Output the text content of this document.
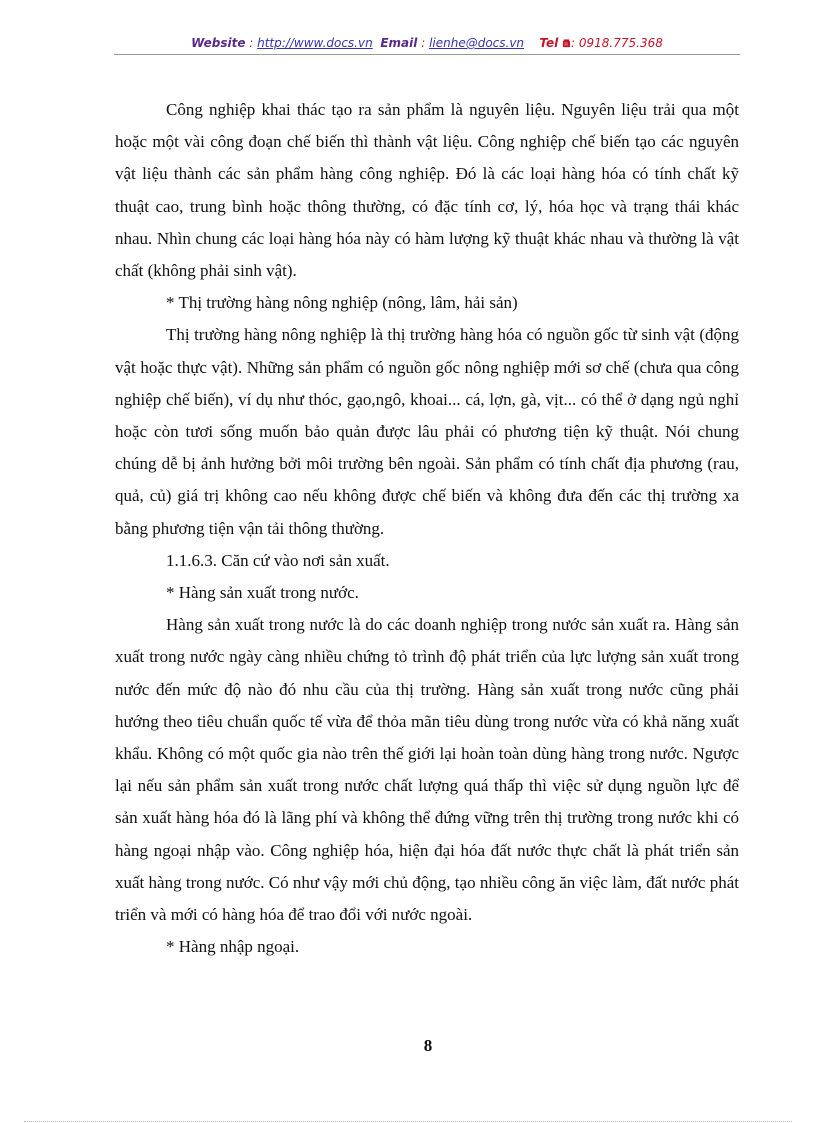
Website : http://www.docs.vn Email : lienhe@docs.vn Tel : 0918.775.368

Công nghiệp khai thác tạo ra sản phẩm là nguyên liệu. Nguyên liệu trải qua một hoặc một vài công đoạn chế biến thì thành vật liệu. Công nghiệp chế biến tạo các nguyên vật liệu thành các sản phẩm hàng công nghiệp. Đó là các loại hàng hóa có tính chất kỹ thuật cao, trung bình hoặc thông thường, có đặc tính cơ, lý, hóa học và trạng thái khác nhau. Nhìn chung các loại hàng hóa này có hàm lượng kỹ thuật khác nhau và thường là vật chất (không phải sinh vật).

* Thị trường hàng nông nghiệp (nông, lâm, hải sản)

Thị trường hàng nông nghiệp là thị trường hàng hóa có nguồn gốc từ sinh vật (động vật hoặc thực vật). Những sản phẩm có nguồn gốc nông nghiệp mới sơ chế (chưa qua công nghiệp chế biến), ví dụ như thóc, gạo,ngô, khoai... cá, lợn, gà, vịt... có thể ở dạng ngủ nghỉ hoặc còn tươi sống muốn bảo quản được lâu phải có phương tiện kỹ thuật. Nói chung chúng dễ bị ảnh hưởng bởi môi trường bên ngoài. Sản phẩm có tính chất địa phương (rau, quả, củ) giá trị không cao nếu không được chế biến và không đưa đến các thị trường xa bằng phương tiện vận tải thông thường.

1.1.6.3. Căn cứ vào nơi sản xuất.

* Hàng sản xuất trong nước.

Hàng sản xuất trong nước là do các doanh nghiệp trong nước sản xuất ra. Hàng sản xuất trong nước ngày càng nhiều chứng tỏ trình độ phát triển của lực lượng sản xuất trong nước đến mức độ nào đó nhu cầu của thị trường. Hàng sản xuất trong nước cũng phải hướng theo tiêu chuẩn quốc tế vừa để thỏa mãn tiêu dùng trong nước vừa có khả năng xuất khẩu. Không có một quốc gia nào trên thế giới lại hoàn toàn dùng hàng trong nước. Ngược lại nếu sản phẩm sản xuất trong nước chất lượng quá thấp thì việc sử dụng nguồn lực để sản xuất hàng hóa đó là lãng phí và không thể đứng vững trên thị trường trong nước khi có hàng ngoại nhập vào. Công nghiệp hóa, hiện đại hóa đất nước thực chất là phát triển sản xuất hàng trong nước. Có như vậy mới chủ động, tạo nhiều công ăn việc làm, đất nước phát triển và mới có hàng hóa để trao đổi với nước ngoài.

* Hàng nhập ngoại.

8
